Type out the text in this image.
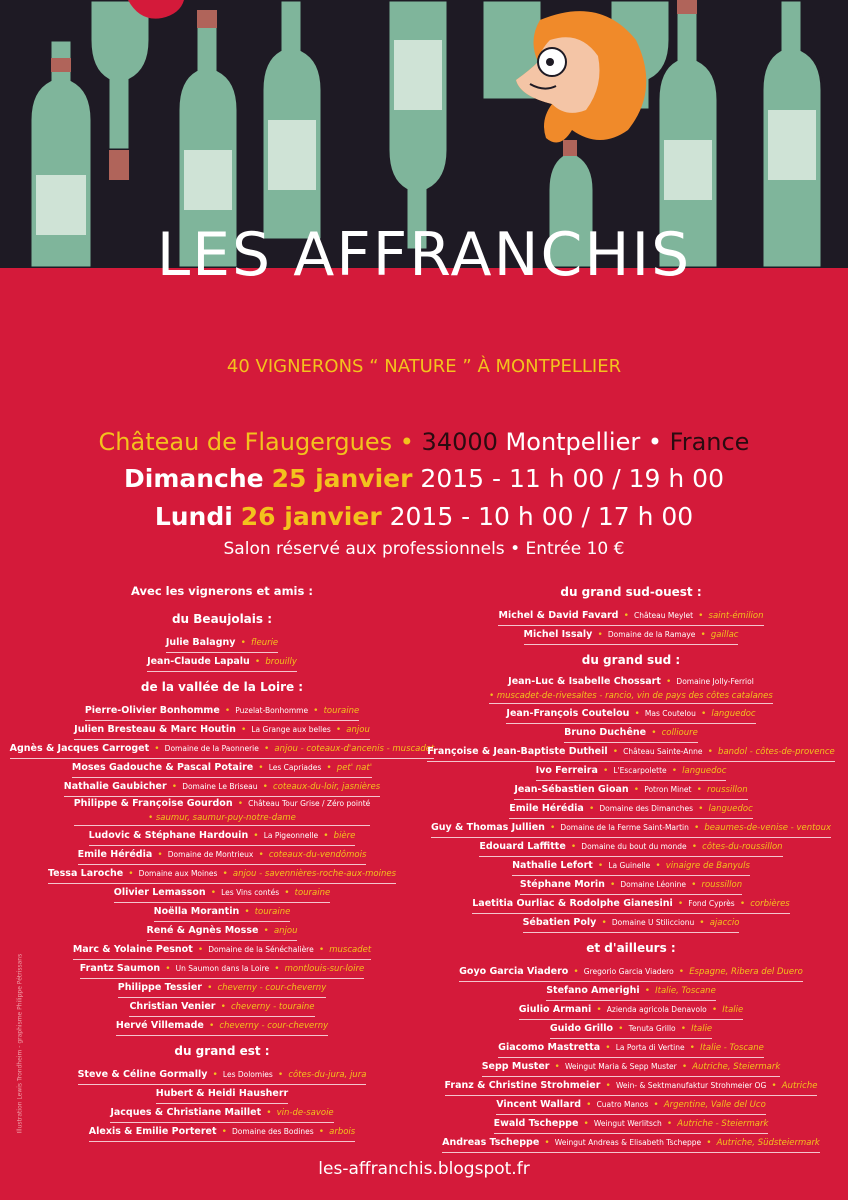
LES AFFRANCHIS
40 VIGNERONS “ NATURE ” À MONTPELLIER
Château de Flaugergues • 34000 Montpellier • France
Dimanche 25 janvier 2015 - 11 h 00 / 19 h 00
Lundi 26 janvier 2015 - 10 h 00 / 17 h 00
Salon réservé aux professionnels • Entrée 10 €
Avec les vignerons et amis :
du Beaujolais :
Julie Balagny • fleurie
Jean-Claude Lapalu • brouilly
de la vallée de la Loire :
Pierre-Olivier Bonhomme • Puzelat-Bonhomme • touraine
Julien Bresteau & Marc Houtin • La Grange aux belles • anjou
Agnès & Jacques Carroget • Domaine de la Paonnerie • anjou - coteaux-d'ancenis - muscadet
Moses Gadouche & Pascal Potaire • Les Capriades • pet' nat'
Nathalie Gaubicher • Domaine Le Briseau • coteaux-du-loir, jasnières
Philippe & Françoise Gourdon • Château Tour Grise / Zéro pointé
• saumur, saumur-puy-notre-dame
Ludovic & Stéphane Hardouin • La Pigeonnelle • bière
Emile Hérédia • Domaine de Montrieux • coteaux-du-vendômois
Tessa Laroche • Domaine aux Moines • anjou - savennières-roche-aux-moines
Olivier Lemasson • Les Vins contés • touraine
Noëlla Morantin • touraine
René & Agnès Mosse • anjou
Marc & Yolaine Pesnot • Domaine de la Sénéchalière • muscadet
Frantz Saumon • Un Saumon dans la Loire • montlouis-sur-loire
Philippe Tessier • cheverny - cour-cheverny
Christian Venier • cheverny - touraine
Hervé Villemade • cheverny - cour-cheverny
du grand est :
Steve & Céline Gormally • Les Dolomies • côtes-du-jura, jura
Hubert & Heidi Hausherr
Jacques & Christiane Maillet • vin-de-savoie
Alexis & Emilie Porteret • Domaine des Bodines • arbois
du grand sud-ouest :
Michel & David Favard • Château Meylet • saint-émilion
Michel Issaly • Domaine de la Ramaye • gaillac
du grand sud :
Jean-Luc & Isabelle Chossart • Domaine Jolly-Ferriol
• muscadet-de-rivesaltes - rancio, vin de pays des côtes catalanes
Jean-François Coutelou • Mas Coutelou • languedoc
Bruno Duchêne • collioure
Françoise & Jean-Baptiste Dutheil • Château Sainte-Anne • bandol - côtes-de-provence
Ivo Ferreira • L'Escarpolette • languedoc
Jean-Sébastien Gioan • Potron Minet • roussillon
Emile Hérédia • Domaine des Dimanches • languedoc
Guy & Thomas Jullien • Domaine de la Ferme Saint-Martin • beaumes-de-venise - ventoux
Edouard Laffitte • Domaine du bout du monde • côtes-du-roussillon
Nathalie Lefort • La Guinelle • vinaigre de Banyuls
Stéphane Morin • Domaine Léonine • roussillon
Laetitia Ourliac & Rodolphe Gianesini • Fond Cyprès • corbières
Sébatien Poly • Domaine U Stiliccionu • ajaccio
et d'ailleurs :
Goyo Garcia Viadero • Gregorio Garcia Viadero • Espagne, Ribera del Duero
Stefano Amerighi • Italie, Toscane
Giulio Armani • Azienda agricola Denavolo • Italie
Guido Grillo • Tenuta Grillo • Italie
Giacomo Mastretta • La Porta di Vertine • Italie - Toscane
Sepp Muster • Weingut Maria & Sepp Muster • Autriche, Steiermark
Franz & Christine Strohmeier • Wein- & Sektmanufaktur Strohmeier OG • Autriche
Vincent Wallard • Cuatro Manos • Argentine, Valle del Uco
Ewald Tscheppe • Weingut Werlitsch • Autriche - Steiermark
Andreas Tscheppe • Weingut Andreas & Elisabeth Tscheppe • Autriche, Südsteiermark
les-affranchis.blogspot.fr
Illustration Lewis Trondheim - graphisme Philippe Pétrissans
